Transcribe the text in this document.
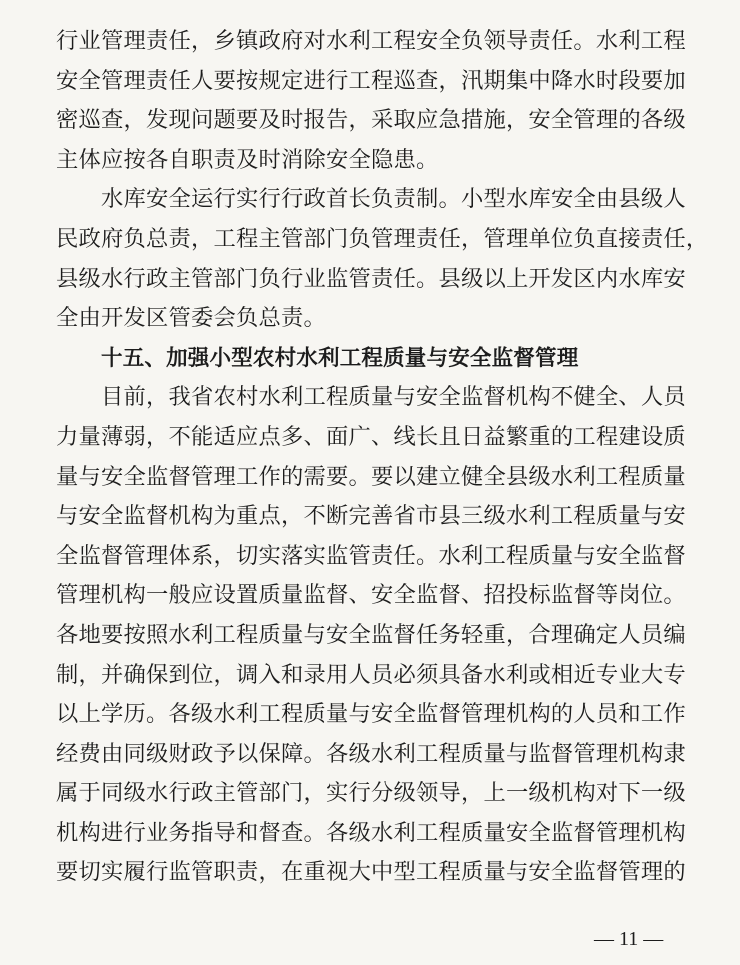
行业管理责任，乡镇政府对水利工程安全负领导责任。水利工程
安全管理责任人要按规定进行工程巡查，汛期集中降水时段要加
密巡查，发现问题要及时报告，采取应急措施，安全管理的各级
主体应按各自职责及时消除安全隐患。
水库安全运行实行行政首长负责制。小型水库安全由县级人
民政府负总责，工程主管部门负管理责任，管理单位负直接责任，
县级水行政主管部门负行业监管责任。县级以上开发区内水库安
全由开发区管委会负总责。
十五、加强小型农村水利工程质量与安全监督管理
目前，我省农村水利工程质量与安全监督机构不健全、人员
力量薄弱，不能适应点多、面广、线长且日益繁重的工程建设质
量与安全监督管理工作的需要。要以建立健全县级水利工程质量
与安全监督机构为重点，不断完善省市县三级水利工程质量与安
全监督管理体系，切实落实监管责任。水利工程质量与安全监督
管理机构一般应设置质量监督、安全监督、招投标监督等岗位。
各地要按照水利工程质量与安全监督任务轻重，合理确定人员编
制，并确保到位，调入和录用人员必须具备水利或相近专业大专
以上学历。各级水利工程质量与安全监督管理机构的人员和工作
经费由同级财政予以保障。各级水利工程质量与监督管理机构隶
属于同级水行政主管部门，实行分级领导，上一级机构对下一级
机构进行业务指导和督查。各级水利工程质量安全监督管理机构
要切实履行监管职责，在重视大中型工程质量与安全监督管理的
— 11 —
